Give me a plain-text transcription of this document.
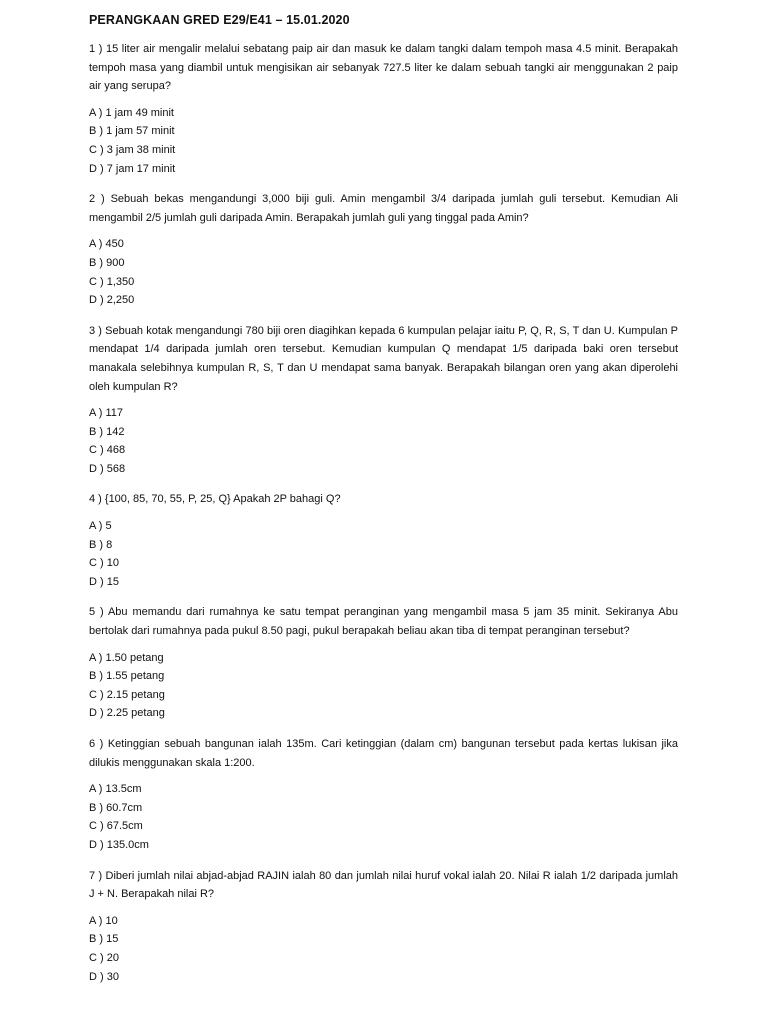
PERANGKAAN GRED E29/E41 – 15.01.2020

1 ) 15 liter air mengalir melalui sebatang paip air dan masuk ke dalam tangki dalam tempoh masa 4.5 minit. Berapakah tempoh masa yang diambil untuk mengisikan air sebanyak 727.5 liter ke dalam sebuah tangki air menggunakan 2 paip air yang serupa?

A ) 1 jam 49 minit
B ) 1 jam 57 minit
C ) 3 jam 38 minit
D ) 7 jam 17 minit

2 ) Sebuah bekas mengandungi 3,000 biji guli. Amin mengambil 3/4 daripada jumlah guli tersebut. Kemudian Ali mengambil 2/5 jumlah guli daripada Amin. Berapakah jumlah guli yang tinggal pada Amin?

A ) 450
B ) 900
C ) 1,350
D ) 2,250

3 ) Sebuah kotak mengandungi 780 biji oren diagihkan kepada 6 kumpulan pelajar iaitu P, Q, R, S, T dan U. Kumpulan P mendapat 1/4 daripada jumlah oren tersebut. Kemudian kumpulan Q mendapat 1/5 daripada baki oren tersebut manakala selebihnya kumpulan R, S, T dan U mendapat sama banyak. Berapakah bilangan oren yang akan diperolehi oleh kumpulan R?

A ) 117
B ) 142
C ) 468
D ) 568

4 ) {100, 85, 70, 55, P, 25, Q} Apakah 2P bahagi Q?

A ) 5
B ) 8
C ) 10
D ) 15

5 ) Abu memandu dari rumahnya ke satu tempat peranginan yang mengambil masa 5 jam 35 minit. Sekiranya Abu bertolak dari rumahnya pada pukul 8.50 pagi, pukul berapakah beliau akan tiba di tempat peranginan tersebut?

A ) 1.50 petang
B ) 1.55 petang
C ) 2.15 petang
D ) 2.25 petang

6 ) Ketinggian sebuah bangunan ialah 135m. Cari ketinggian (dalam cm) bangunan tersebut pada kertas lukisan jika dilukis menggunakan skala 1:200.

A ) 13.5cm
B ) 60.7cm
C ) 67.5cm
D ) 135.0cm

7 ) Diberi jumlah nilai abjad-abjad RAJIN ialah 80 dan jumlah nilai huruf vokal ialah 20. Nilai R ialah 1/2 daripada jumlah J + N. Berapakah nilai R?

A ) 10
B ) 15
C ) 20
D ) 30
